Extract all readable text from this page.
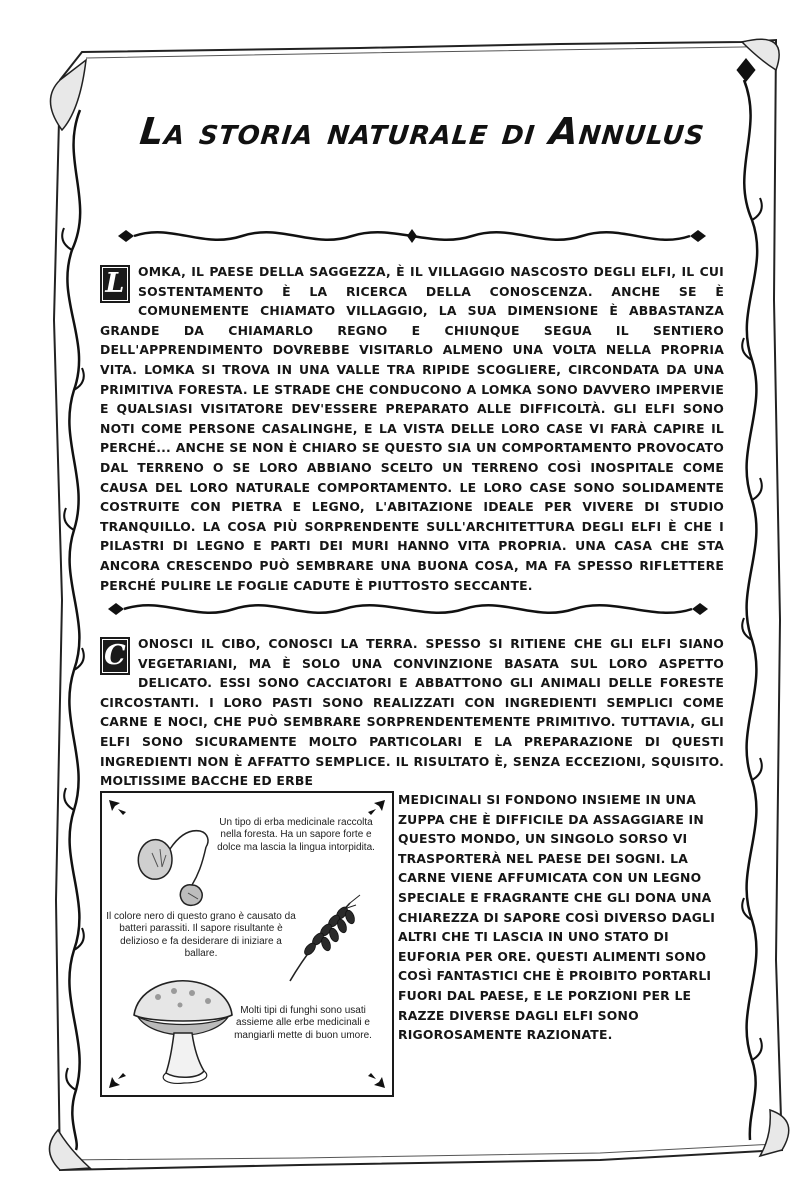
La storia naturale di Annulus

L	OMKA, IL PAESE DELLA SAGGEZZA, È IL VILLAGGIO NASCOSTO DEGLI ELFI, IL CUI SOSTENTAMENTO È LA RICERCA DELLA CONOSCENZA. ANCHE SE È COMUNEMENTE CHIAMATO VILLAGGIO, LA SUA DIMENSIONE È ABBASTANZA GRANDE DA CHIAMARLO REGNO E CHIUNQUE SEGUA IL SENTIERO DELL'APPRENDIMENTO DOVREBBE VISITARLO ALMENO UNA VOLTA NELLA PROPRIA VITA. LOMKA SI TROVA IN UNA VALLE TRA RIPIDE SCOGLIERE, CIRCONDATA DA UNA PRIMITIVA FORESTA. LE STRADE CHE CONDUCONO A LOMKA SONO DAVVERO IMPERVIE E QUALSIASI VISITATORE DEV'ESSERE PREPARATO ALLE DIFFICOLTÀ. GLI ELFI SONO NOTI COME PERSONE CASALINGHE, E LA VISTA DELLE LORO CASE VI FARÀ CAPIRE IL PERCHÉ... ANCHE SE NON È CHIARO SE QUESTO SIA UN COMPORTAMENTO PROVOCATO DAL TERRENO O SE LORO ABBIANO SCELTO UN TERRENO COSÌ INOSPITALE COME CAUSA DEL LORO NATURALE COMPORTAMENTO. LE LORO CASE SONO SOLIDAMENTE COSTRUITE CON PIETRA E LEGNO, L'ABITAZIONE IDEALE PER VIVERE DI STUDIO TRANQUILLO. LA COSA PIÙ SORPRENDENTE SULL'ARCHITETTURA DEGLI ELFI È CHE I PILASTRI DI LEGNO E PARTI DEI MURI HANNO VITA PROPRIA. UNA CASA CHE STA ANCORA CRESCENDO PUÒ SEMBRARE UNA BUONA COSA, MA FA SPESSO RIFLETTERE PERCHÉ PULIRE LE FOGLIE CADUTE È PIUTTOSTO SECCANTE.

C ONOSCI IL CIBO, CONOSCI LA TERRA. SPESSO SI RITIENE CHE GLI ELFI SIANO VEGETARIANI, MA È SOLO UNA CONVINZIONE BASATA SUL LORO ASPETTO DELICATO. ESSI SONO CACCIATORI E ABBATTONO GLI ANIMALI DELLE FORESTE CIRCOSTANTI. I LORO PASTI SONO REALIZZATI CON INGREDIENTI SEMPLICI COME CARNE E NOCI, CHE PUÒ SEMBRARE SORPRENDENTEMENTE PRIMITIVO. TUTTAVIA, GLI ELFI SONO SICURAMENTE MOLTO PARTICOLARI E LA PREPARAZIONE DI QUESTI INGREDIENTI NON È AFFATTO SEMPLICE. IL RISULTATO È, SENZA ECCEZIONI, SQUISITO. MOLTISSIME BACCHE ED ERBE

Un tipo di erba medicinale raccolta nella foresta. Ha un sapore forte e dolce ma lascia la lingua intorpidita.

Il colore nero di questo grano è causato da batteri parassiti. Il sapore risultante è delizioso e fa desiderare di iniziare a ballare.

Molti tipi di funghi sono usati assieme alle erbe medicinali e mangiarli mette di buon umore.

MEDICINALI SI FONDONO INSIEME IN UNA ZUPPA CHE È DIFFICILE DA ASSAGGIARE IN QUESTO MONDO, UN SINGOLO SORSO VI TRASPORTERÀ NEL PAESE DEI SOGNI. LA CARNE VIENE AFFUMICATA CON UN LEGNO SPECIALE E FRAGRANTE CHE GLI DONA UNA CHIAREZZA DI SAPORE COSÌ DIVERSO DAGLI ALTRI CHE TI LASCIA IN UNO STATO DI EUFORIA PER ORE. QUESTI ALIMENTI SONO COSÌ FANTASTICI CHE È PROIBITO PORTARLI FUORI DAL PAESE, E LE PORZIONI PER LE RAZZE DIVERSE DAGLI ELFI SONO RIGOROSAMENTE RAZIONATE.
